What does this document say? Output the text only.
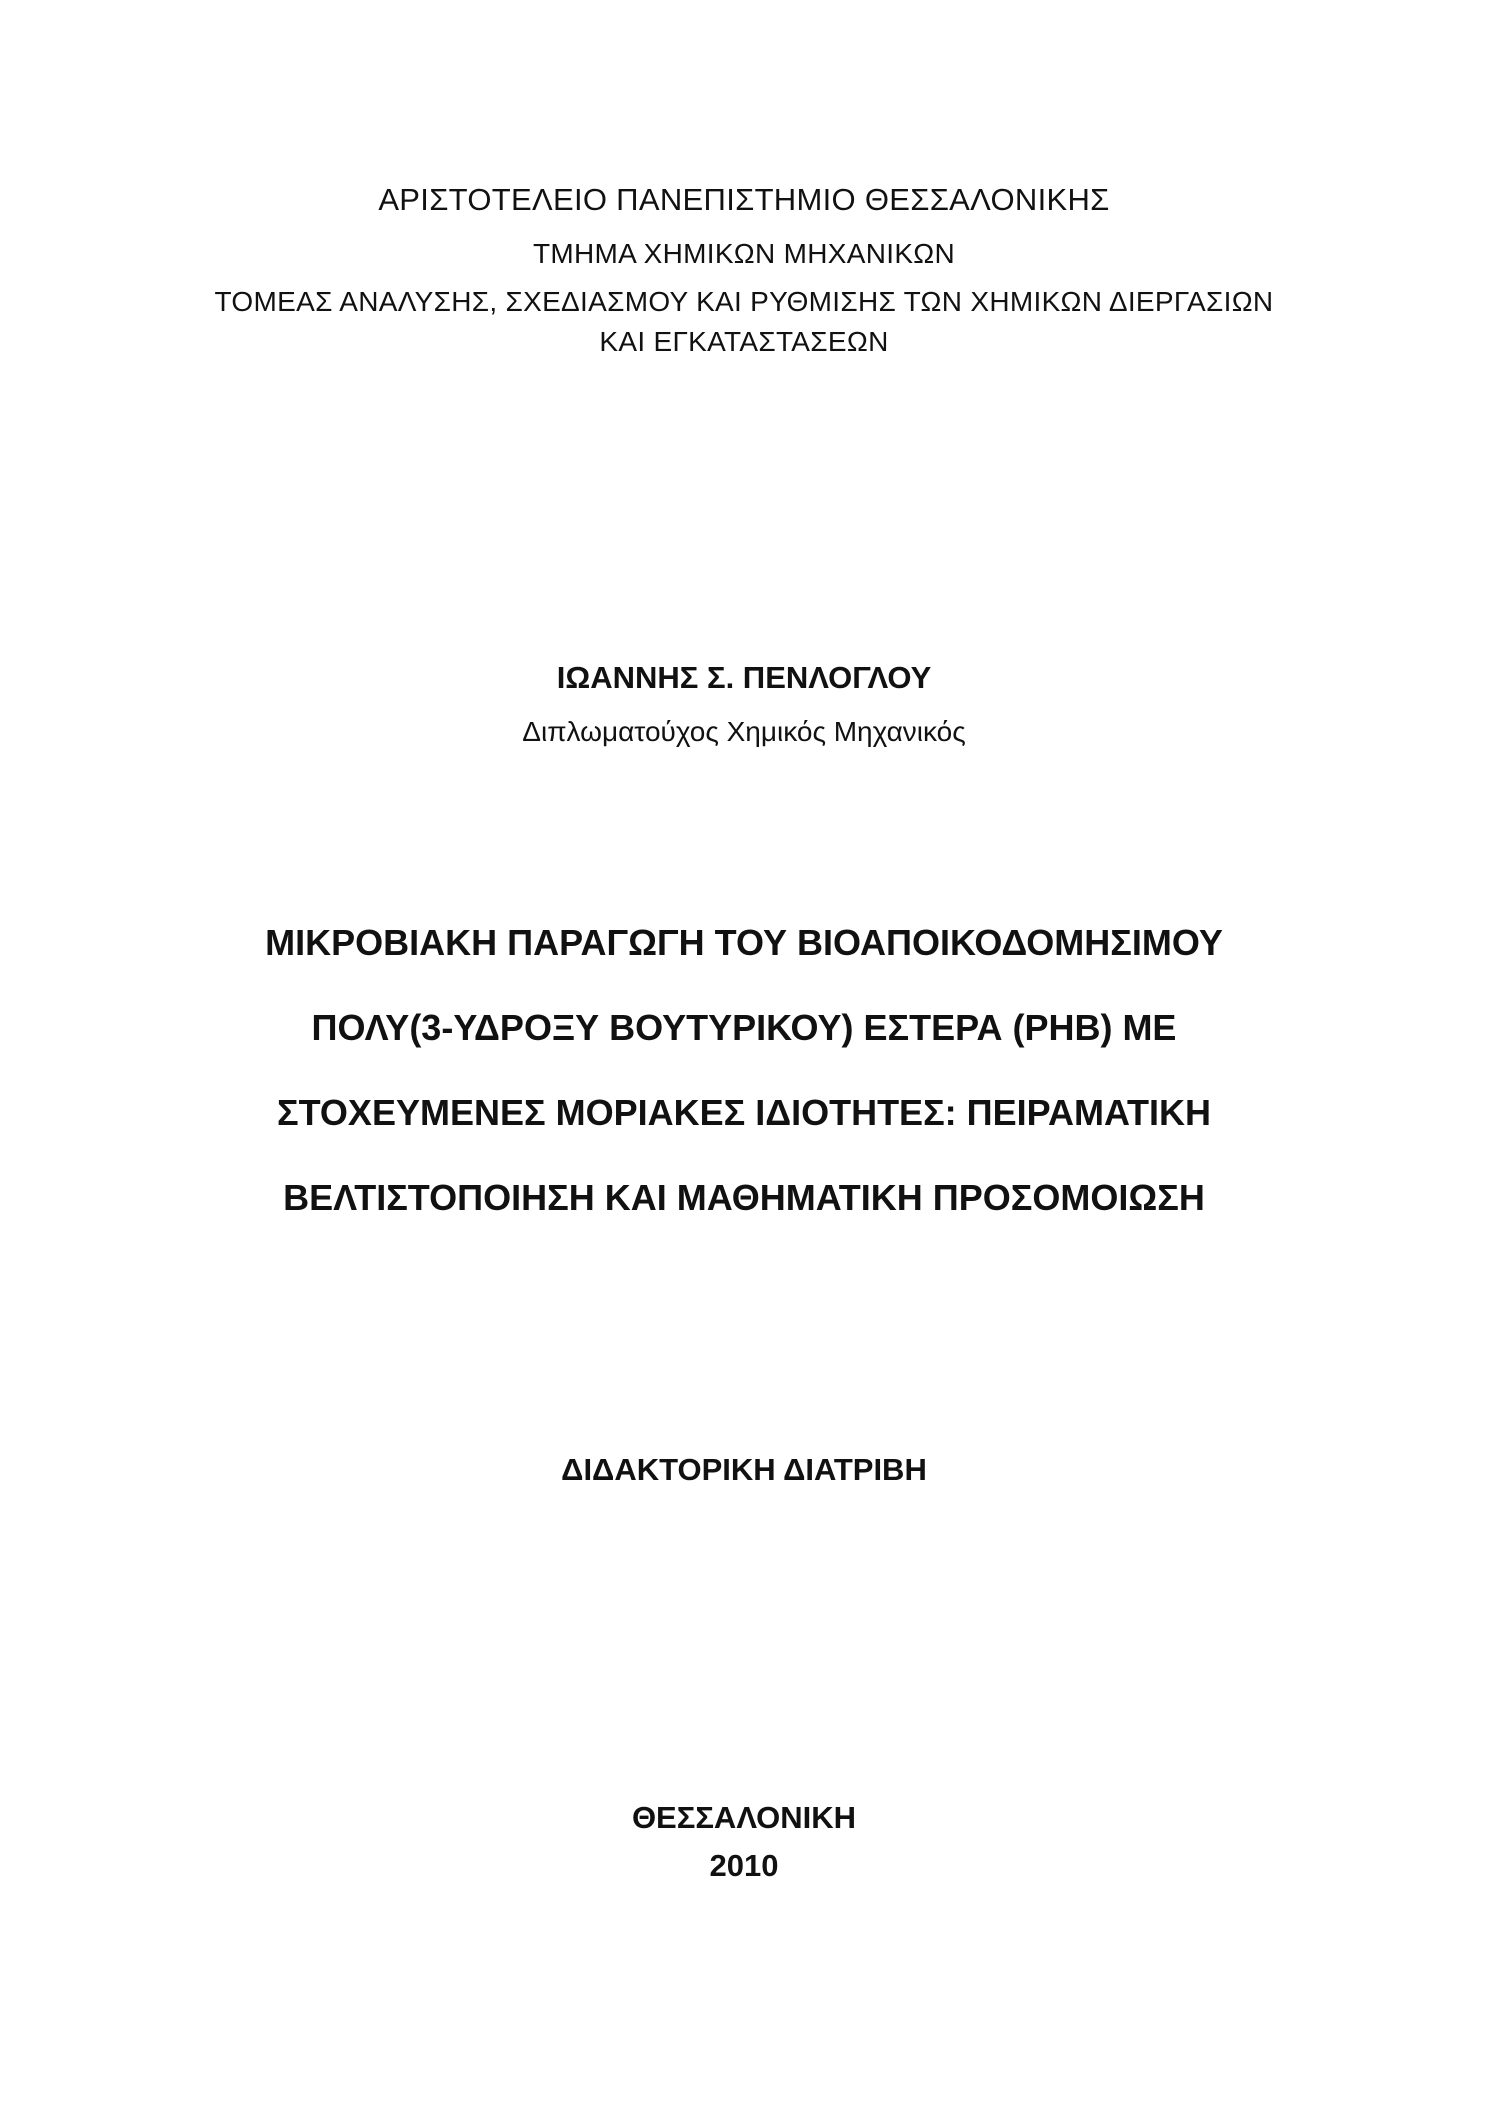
ΑΡΙΣΤΟΤΕΛΕΙΟ ΠΑΝΕΠΙΣΤΗΜΙΟ ΘΕΣΣΑΛΟΝΙΚΗΣ
ΤΜΗΜΑ ΧΗΜΙΚΩΝ ΜΗΧΑΝΙΚΩΝ
ΤΟΜΕΑΣ ΑΝΑΛΥΣΗΣ, ΣΧΕΔΙΑΣΜΟΥ ΚΑΙ ΡΥΘΜΙΣΗΣ ΤΩΝ ΧΗΜΙΚΩΝ ΔΙΕΡΓΑΣΙΩΝ
ΚΑΙ ΕΓΚΑΤΑΣΤΑΣΕΩΝ
ΙΩΑΝΝΗΣ Σ. ΠΕΝΛΟΓΛΟΥ
Διπλωματούχος Χημικός Μηχανικός
ΜΙΚΡΟΒΙΑΚΗ ΠΑΡΑΓΩΓΗ ΤΟΥ ΒΙΟΑΠΟΙΚΟΔΟΜΗΣΙΜΟΥ
ΠΟΛΥ(3-ΥΔΡΟΞΥ ΒΟΥΤΥΡΙΚΟΥ) ΕΣΤΕΡΑ (PHB) ΜΕ
ΣΤΟΧΕΥΜΕΝΕΣ ΜΟΡΙΑΚΕΣ ΙΔΙΟΤΗΤΕΣ: ΠΕΙΡΑΜΑΤΙΚΗ
ΒΕΛΤΙΣΤΟΠΟΙΗΣΗ ΚΑΙ ΜΑΘΗΜΑΤΙΚΗ ΠΡΟΣΟΜΟΙΩΣΗ
ΔΙΔΑΚΤΟΡΙΚΗ ΔΙΑΤΡΙΒΗ
ΘΕΣΣΑΛΟΝΙΚΗ
2010
